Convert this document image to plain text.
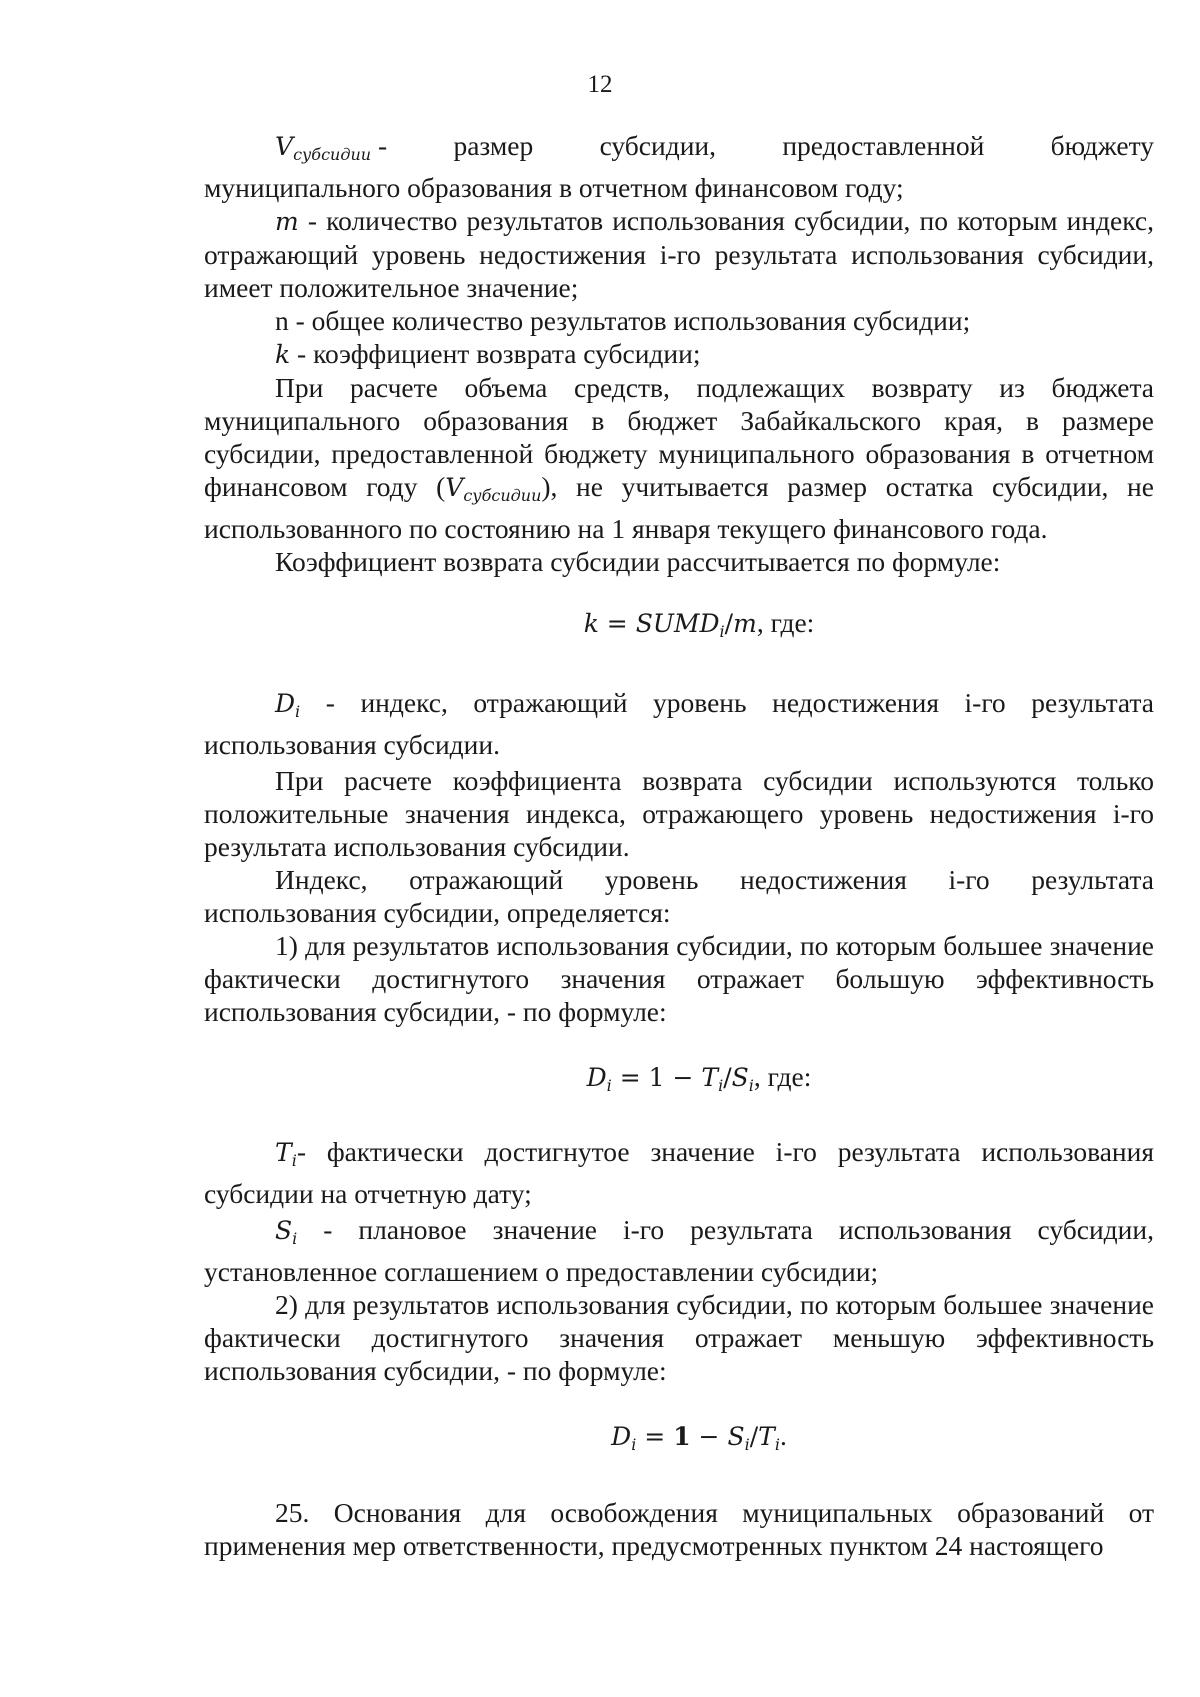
12
$V_{субсидии}$ - размер субсидии, предоставленной бюджету

муниципального образования в отчетном финансовом году;

m - количество результатов использования субсидии, по которым индекс, отражающий уровень недостижения i-го результата использования субсидии, имеет положительное значение;

n - общее количество результатов использования субсидии;

k - коэффициент возврата субсидии;

При расчете объема средств, подлежащих возврату из бюджета муниципального образования в бюджет Забайкальского края, в размере субсидии, предоставленной бюджету муниципального образования в отчетном финансовом году $(V_{субсидии})$, не учитывается размер остатка субсидии, не использованного по состоянию на 1 января текущего финансового года.

Коэффициент возврата субсидии рассчитывается по формуле:

$k = SUMD_i/m$, где:

$D_i$ - индекс, отражающий уровень недостижения i-го результата использования субсидии.

При расчете коэффициента возврата субсидии используются только положительные значения индекса, отражающего уровень недостижения i-го результата использования субсидии.

Индекс, отражающий уровень недостижения i-го результата использования субсидии, определяется:

1) для результатов использования субсидии, по которым большее значение фактически достигнутого значения отражает большую эффективность использования субсидии, - по формуле:

$D_i = 1 - T_i/S_i$, где:

$T_i-$ фактически достигнутое значение i-го результата использования субсидии на отчетную дату;

$S_i$ - плановое значение i-го результата использования субсидии, установленное соглашением о предоставлении субсидии;

2) для результатов использования субсидии, по которым большее значение фактически достигнутого значения отражает меньшую эффективность использования субсидии, - по формуле:

$D_i = 1 - S_i/T_i$.

25. Основания для освобождения муниципальных образований от применения мер ответственности, предусмотренных пунктом 24 настоящего
